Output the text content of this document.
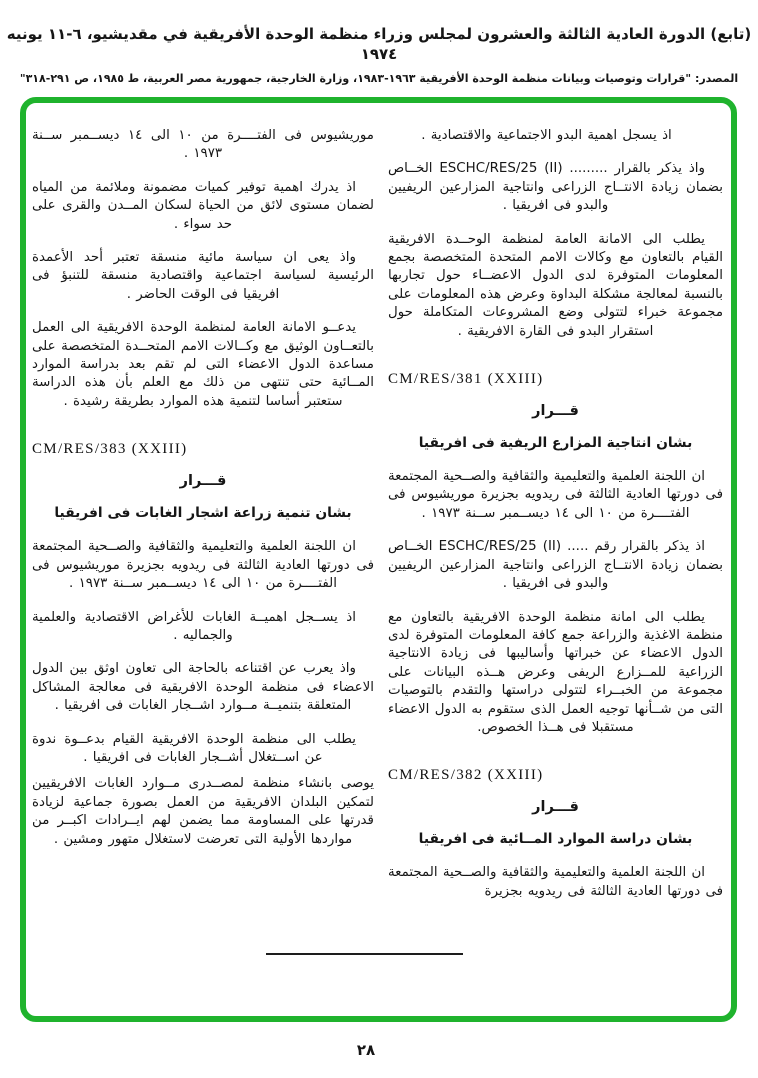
(تابع) الدورة العادية الثالثة والعشرون لمجلس وزراء منظمة الوحدة الأفريقية في مقديشيو، ٦-١١ يونيه ١٩٧٤
المصدر: "قرارات وتوصيات وبيانات منظمة الوحدة الأفريقية ١٩٦٣-١٩٨٣، وزارة الخارجية، جمهورية مصر العربية، ط ١٩٨٥، ص ٢٩١-٣١٨"

اذ يسجل اهمية البدو الاجتماعية والاقتصادية .

واذ يذكر بالقرار ......... ESCHC/RES/25 (II) الخــاص بضمان زيادة الانتــاج الزراعى وانتاجية المزارعين الريفيين والبدو فى افريقيا .

يطلب الى الامانة العامة لمنظمة الوحــدة الافريقية القيام بالتعاون مع وكالات الامم المتحدة المتخصصة بجمع المعلومات المتوفرة لدى الدول الاعضــاء حول تجاربها بالنسبة لمعالجة مشكلة البداوة وعرض هذه المعلومات على مجموعة خبراء لتتولى وضع المشروعات المتكاملة حول استقرار البدو فى القارة الافريقية .

CM/RES/381 (XXIII)
قـــرار
بشان انتاجية المزارع الريفية فى افريقيا

ان اللجنة العلمية والتعليمية والثقافية والصــحية المجتمعة فى دورتها العادية الثالثة فى ريدويه بجزيرة موريشيوس فى الفتــــرة من ١٠ الى ١٤ ديســمبر ســنة ١٩٧٣ .

اذ يذكر بالقرار رقم ..... ESCHC/RES/25 (II) الخــاص بضمان زيادة الانتــاج الزراعى وانتاجية المزارعين الريفيين والبدو فى افريقيا .

يطلب الى امانة منظمة الوحدة الافريقية بالتعاون مع منظمة الاغذية والزراعة جمع كافة المعلومات المتوفرة لدى الدول الاعضاء عن خبراتها وأساليبها فى زيادة الانتاجية الزراعية للمــزارع الريفى وعرض هــذه البيانات على مجموعة من الخبــراء لتتولى دراستها والتقدم بالتوصيات التى من شــأنها توجيه العمل الذى ستقوم به الدول الاعضاء مستقبلا فى هــذا الخصوص.

CM/RES/382 (XXIII)
قـــرار
بشان دراسة الموارد المــائية فى افريقيا

ان اللجنة العلمية والتعليمية والثقافية والصــحية المجتمعة فى دورتها العادية الثالثة فى ريدويه بجزيرة

موريشيوس فى الفتــــرة من ١٠ الى ١٤ ديســمبر ســنة ١٩٧٣ .

اذ يدرك اهمية توفير كميات مضمونة وملائمة من المياه لضمان مستوى لائق من الحياة لسكان المــدن والقرى على حد سواء .

واذ يعى ان سياسة مائية منسقة تعتبر أحد الأعمدة الرئيسية لسياسة اجتماعية واقتصادية منسقة للتنبؤ فى افريقيا فى الوقت الحاضر .

يدعــو الامانة العامة لمنظمة الوحدة الافريقية الى العمل بالتعــاون الوثيق مع وكــالات الامم المتحــدة المتخصصة على مساعدة الدول الاعضاء التى لم تقم بعد بدراسة الموارد المــائية حتى تنتهى من ذلك مع العلم بأن هذه الدراسة ستعتبر أساسا لتنمية هذه الموارد بطريقة رشيدة .

CM/RES/383 (XXIII)
قـــرار
بشان تنمية زراعة اشجار الغابات فى افريقيا

ان اللجنة العلمية والتعليمية والثقافية والصــحية المجتمعة فى دورتها العادية الثالثة فى ريدويه بجزيرة موريشيوس فى الفتــــرة من ١٠ الى ١٤ ديســمبر ســنة ١٩٧٣ .

اذ يســجل اهميــة الغابات للأغراض الاقتصادية والعلمية والجماليه .

واذ يعرب عن اقتناعه بالحاجة الى تعاون اوثق بين الدول الاعضاء فى منظمة الوحدة الافريقية فى معالجة المشاكل المتعلقة بتنميــة مــوارد اشــجار الغابات فى افريقيا .

يطلب الى منظمة الوحدة الافريقية القيام بدعــوة ندوة عن اســتغلال أشــجار الغابات فى افريقيا .

يوصى بانشاء منظمة لمصــدرى مــوارد الغابات الافريقيين لتمكين البلدان الافريقية من العمل بصورة جماعية لزيادة قدرتها على المساومة مما يضمن لهم ايــرادات اكبــر من مواردها الأولية التى تعرضت لاستغلال متهور ومشين .

٢٨
